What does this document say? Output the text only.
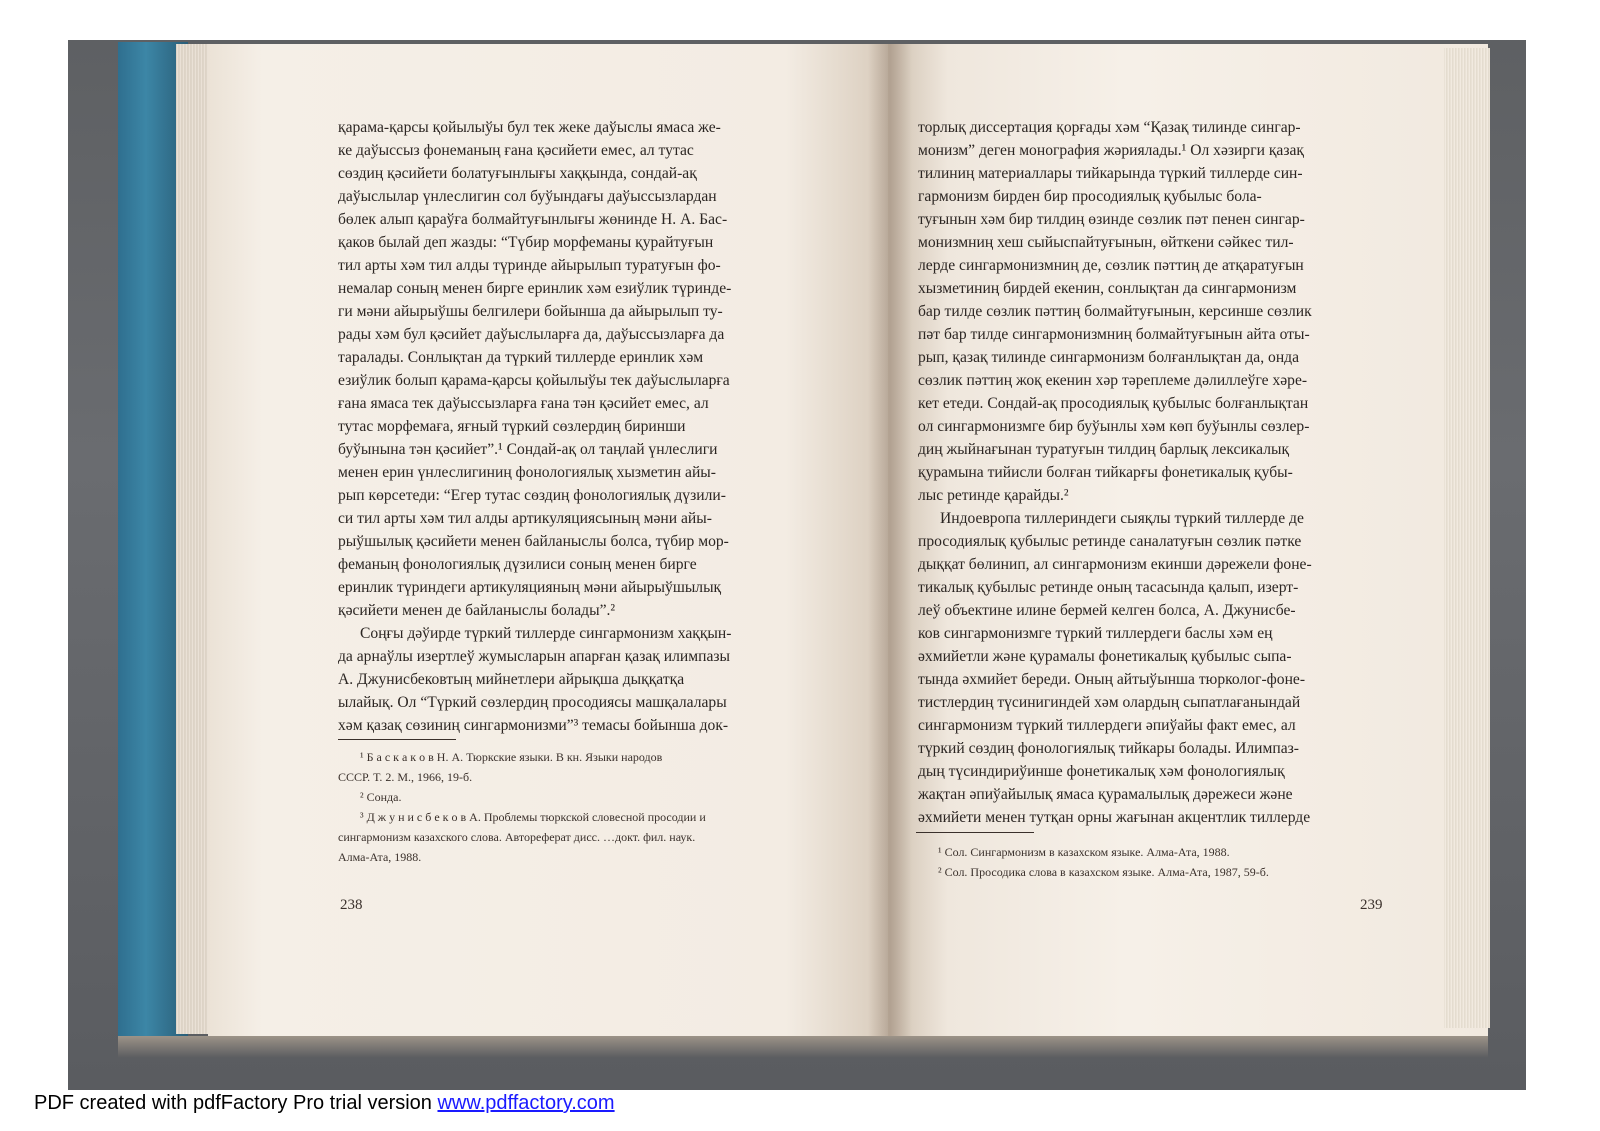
қарама-қарсы қойылыўы бул тек жеке даўыслы ямаса же-
ке даўыссыз фонеманың ғана қәсийети емес, ал тутас
сөздиң қәсийети болатуғынлығы хаққында, сондай-ақ
даўыслылар үнлеслигин сол буўындағы даўыссызлардан
бөлек алып қараўға болмайтуғынлығы жөнинде Н. А. Бас-
қаков былай деп жазды: “Түбир морфеманы қурайтуғын
тил арты хәм тил алды түринде айырылып туратуғын фо-
немалар соның менен бирге еринлик хәм езиўлик түринде-
ги мәни айырыўшы белгилери бойынша да айырылып ту-
рады хәм бул қәсийет даўыслыларға да, даўыссызларға да
таралады. Сонлықтан да түркий тиллерде еринлик хәм
езиўлик болып қарама-қарсы қойылыўы тек даўыслыларға
ғана ямаса тек даўыссызларға ғана тән қәсийет емес, ал
тутас морфемаға, яғный түркий сөзлердиң биринши
буўынына тән қәсийет”.¹ Сондай-ақ ол таңлай үнлеслиги
менен ерин үнлеслигиниң фонологиялық хызметин айы-
рып көрсетеди: “Егер тутас сөздиң фонологиялық дүзили-
си тил арты хәм тил алды артикуляциясының мәни айы-
рыўшылық қәсийети менен байланыслы болса, түбир мор-
феманың фонологиялық дүзилиси соның менен бирге
еринлик түриндеги артикуляцияның мәни айырыўшылық
қәсийети менен де байланыслы болады”.²
Соңғы дәўирде түркий тиллерде сингармонизм хаққын-
да арнаўлы изертлеў жумысларын апарған қазақ илимпазы
А. Джунисбековтың мийнетлери айрықша дыққатқа
ылайық. Ол “Түркий сөзлердиң просодиясы машқалалары
хәм қазақ сөзиниң сингармонизми”³ темасы бойынша док-
¹ Б а с к а к о в Н. А. Тюркские языки. В кн. Языки народов
СССР. Т. 2. М., 1966, 19-б.
² Сонда.
³ Д ж у н и с б е к о в А. Проблемы тюркской словесной просодии и
сингармонизм казахского слова. Автореферат дисс. …докт. фил. наук.
Алма-Ата, 1988.
238
торлық диссертация қорғады хәм “Қазақ тилинде сингар-
монизм” деген монография жәриялады.¹ Ол хәзирги қазақ
тилиниң материаллары тийкарында түркий тиллерде син-
гармонизм бирден бир просодиялық қубылыс бола-
туғынын хәм бир тилдиң өзинде сөзлик пәт пенен сингар-
монизмниң хеш сыйыспайтуғынын, өйткени сәйкес тил-
лерде сингармонизмниң де, сөзлик пәттиң де атқаратуғын
хызметиниң бирдей екенин, сонлықтан да сингармонизм
бар тилде сөзлик пәттиң болмайтуғынын, керсинше сөзлик
пәт бар тилде сингармонизмниң болмайтуғынын айта оты-
рып, қазақ тилинде сингармонизм болғанлықтан да, онда
сөзлик пәттиң жоқ екенин хәр тәреплеме дәлиллеўге хәре-
кет етеди. Сондай-ақ просодиялық қубылыс болғанлықтан
ол сингармонизмге бир буўынлы хәм көп буўынлы сөзлер-
диң жыйнағынан туратуғын тилдиң барлық лексикалық
қурамына тийисли болған тийкарғы фонетикалық қубы-
лыс ретинде қарайды.²
Индоевропа тиллериндеги сыяқлы түркий тиллерде де
просодиялық қубылыс ретинде саналатуғын сөзлик пәтке
дыққат бөлинип, ал сингармонизм екинши дәрежели фоне-
тикалық қубылыс ретинде оның тасасында қалып, изерт-
леў объектине илине бермей келген болса, А. Джунисбе-
ков сингармонизмге түркий тиллердеги баслы хәм ең
әхмийетли және қурамалы фонетикалық қубылыс сыпа-
тында әхмийет береди. Оның айтыўынша тюрколог-фоне-
тистлердиң түсинигиндей хәм олардың сыпатлағанындай
сингармонизм түркий тиллердеги әпиўайы факт емес, ал
түркий сөздиң фонологиялық тийкары болады. Илимпаз-
дың түсиндириўинше фонетикалық хәм фонологиялық
жақтан әпиўайылық ямаса қурамалылық дәрежеси және
әхмийети менен тутқан орны жағынан акцентлик тиллерде
¹ Сол. Сингармонизм в казахском языке. Алма-Ата, 1988.
² Сол. Просодика слова в казахском языке. Алма-Ата, 1987, 59-б.
239
PDF created with pdfFactory Pro trial version www.pdffactory.com
